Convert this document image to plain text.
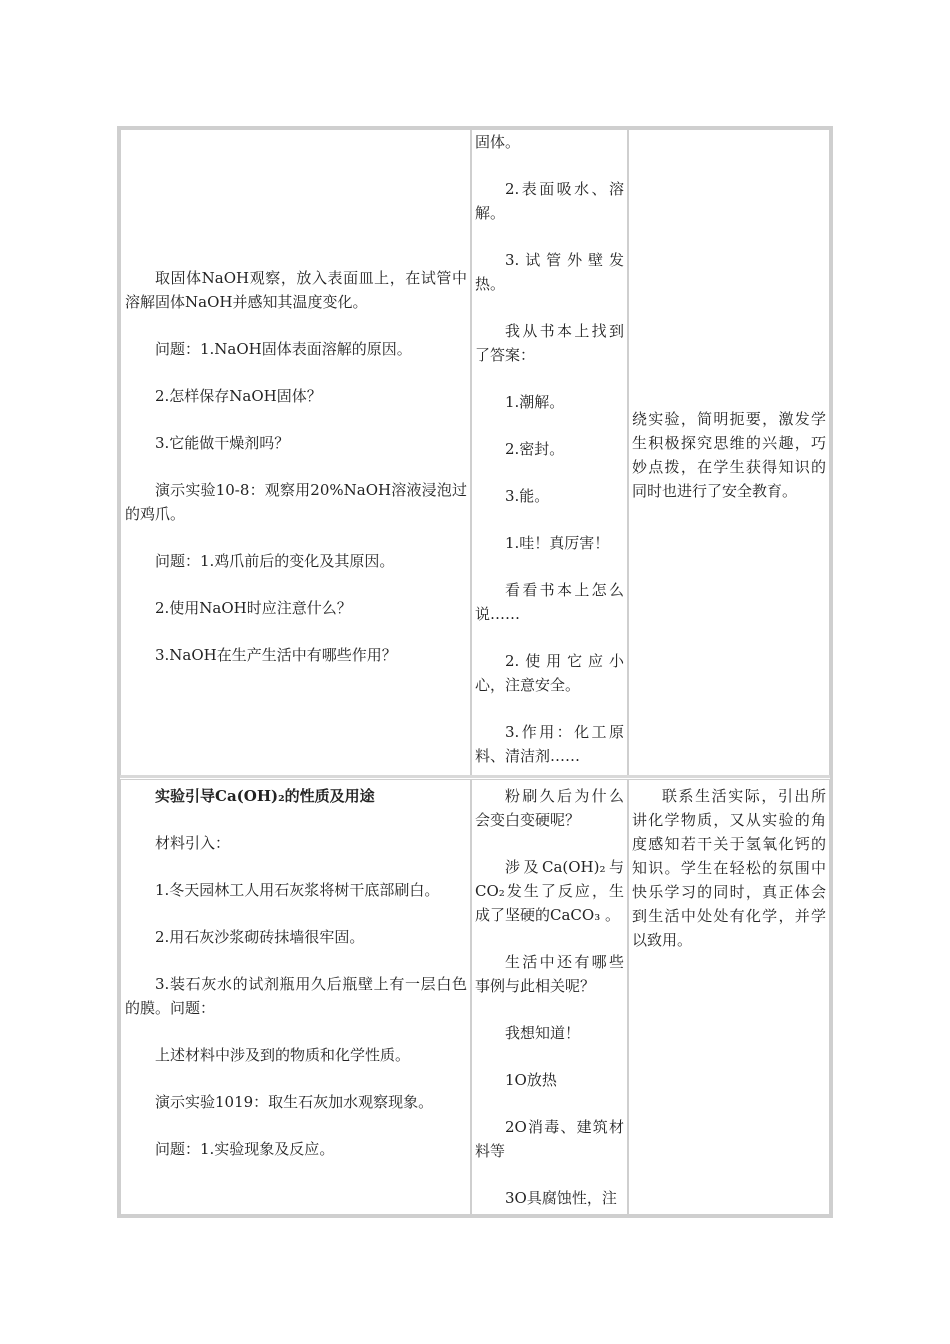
取固体NaOH观察，放入表面皿上，在试管中溶解固体NaOH并感知其温度变化。

问题：1.NaOH固体表面溶解的原因。

2.怎样保存NaOH固体？

3.它能做干燥剂吗？

演示实验10-8：观察用20%NaOH溶液浸泡过的鸡爪。

问题：1.鸡爪前后的变化及其原因。

2.使用NaOH时应注意什么？

3.NaOH在生产生活中有哪些作用？

固体。

2.表面吸水、溶解。

3.试管外壁发热。

我从书本上找到了答案：

1.潮解。

2.密封。

3.能。

1.哇！真厉害！

看看书本上怎么说……

2.使用它应小心，注意安全。

3.作用：化工原料、清洁剂……

绕实验，简明扼要，激发学生积极探究思维的兴趣，巧妙点拨，在学生获得知识的同时也进行了安全教育。

实验引导Ca(OH)₂的性质及用途

材料引入：

1.冬天园林工人用石灰浆将树干底部刷白。

2.用石灰沙浆砌砖抹墙很牢固。

3.装石灰水的试剂瓶用久后瓶壁上有一层白色的膜。问题：

上述材料中涉及到的物质和化学性质。

演示实验1019：取生石灰加水观察现象。

问题：1.实验现象及反应。

粉刷久后为什么会变白变硬呢？

涉及Ca(OH)₂与CO₂发生了反应，生成了坚硬的CaCO₃ 。

生活中还有哪些事例与此相关呢？

我想知道！

1O放热

2O消毒、建筑材料等

3O具腐蚀性，注

联系生活实际，引出所讲化学物质，又从实验的角度感知若干关于氢氧化钙的知识。学生在轻松的氛围中快乐学习的同时，真正体会到生活中处处有化学，并学以致用。
